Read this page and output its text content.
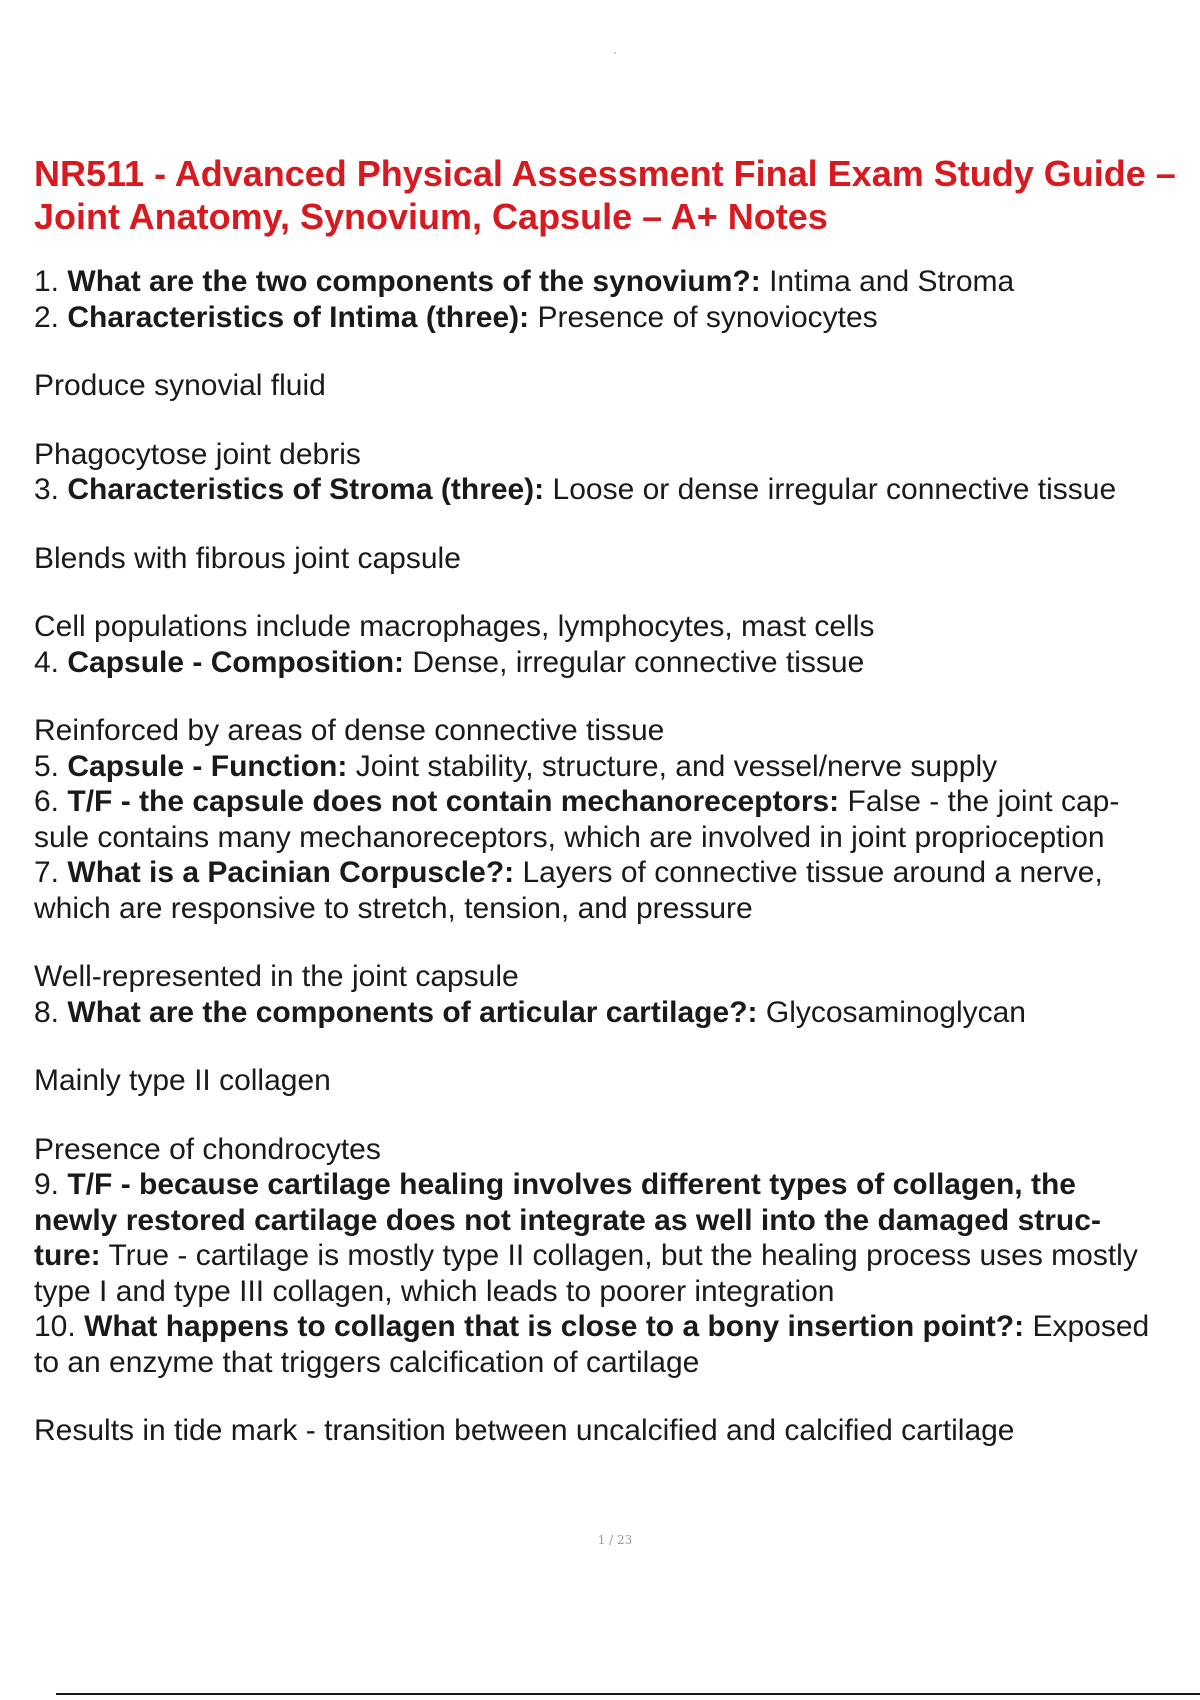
NR511 - Advanced Physical Assessment Final Exam Study Guide –
Joint Anatomy, Synovium, Capsule – A+ Notes

1. What are the two components of the synovium?: Intima and Stroma

2. Characteristics of Intima (three): Presence of synoviocytes

Produce synovial fluid

Phagocytose joint debris

3. Characteristics of Stroma (three): Loose or dense irregular connective tissue

Blends with fibrous joint capsule

Cell populations include macrophages, lymphocytes, mast cells

4. Capsule - Composition: Dense, irregular connective tissue

Reinforced by areas of dense connective tissue

5. Capsule - Function: Joint stability, structure, and vessel/nerve supply

6. T/F - the capsule does not contain mechanoreceptors: False - the joint cap-

sule contains many mechanoreceptors, which are involved in joint proprioception

7. What is a Pacinian Corpuscle?: Layers of connective tissue around a nerve,

which are responsive to stretch, tension, and pressure

Well-represented in the joint capsule

8. What are the components of articular cartilage?: Glycosaminoglycan

Mainly type II collagen

Presence of chondrocytes

9. T/F - because cartilage healing involves different types of collagen, the

newly restored cartilage does not integrate as well into the damaged struc-

ture: True - cartilage is mostly type II collagen, but the healing process uses mostly

type I and type III collagen, which leads to poorer integration

10. What happens to collagen that is close to a bony insertion point?: Exposed

to an enzyme that triggers calcification of cartilage

Results in tide mark - transition between uncalcified and calcified cartilage

1 / 23
